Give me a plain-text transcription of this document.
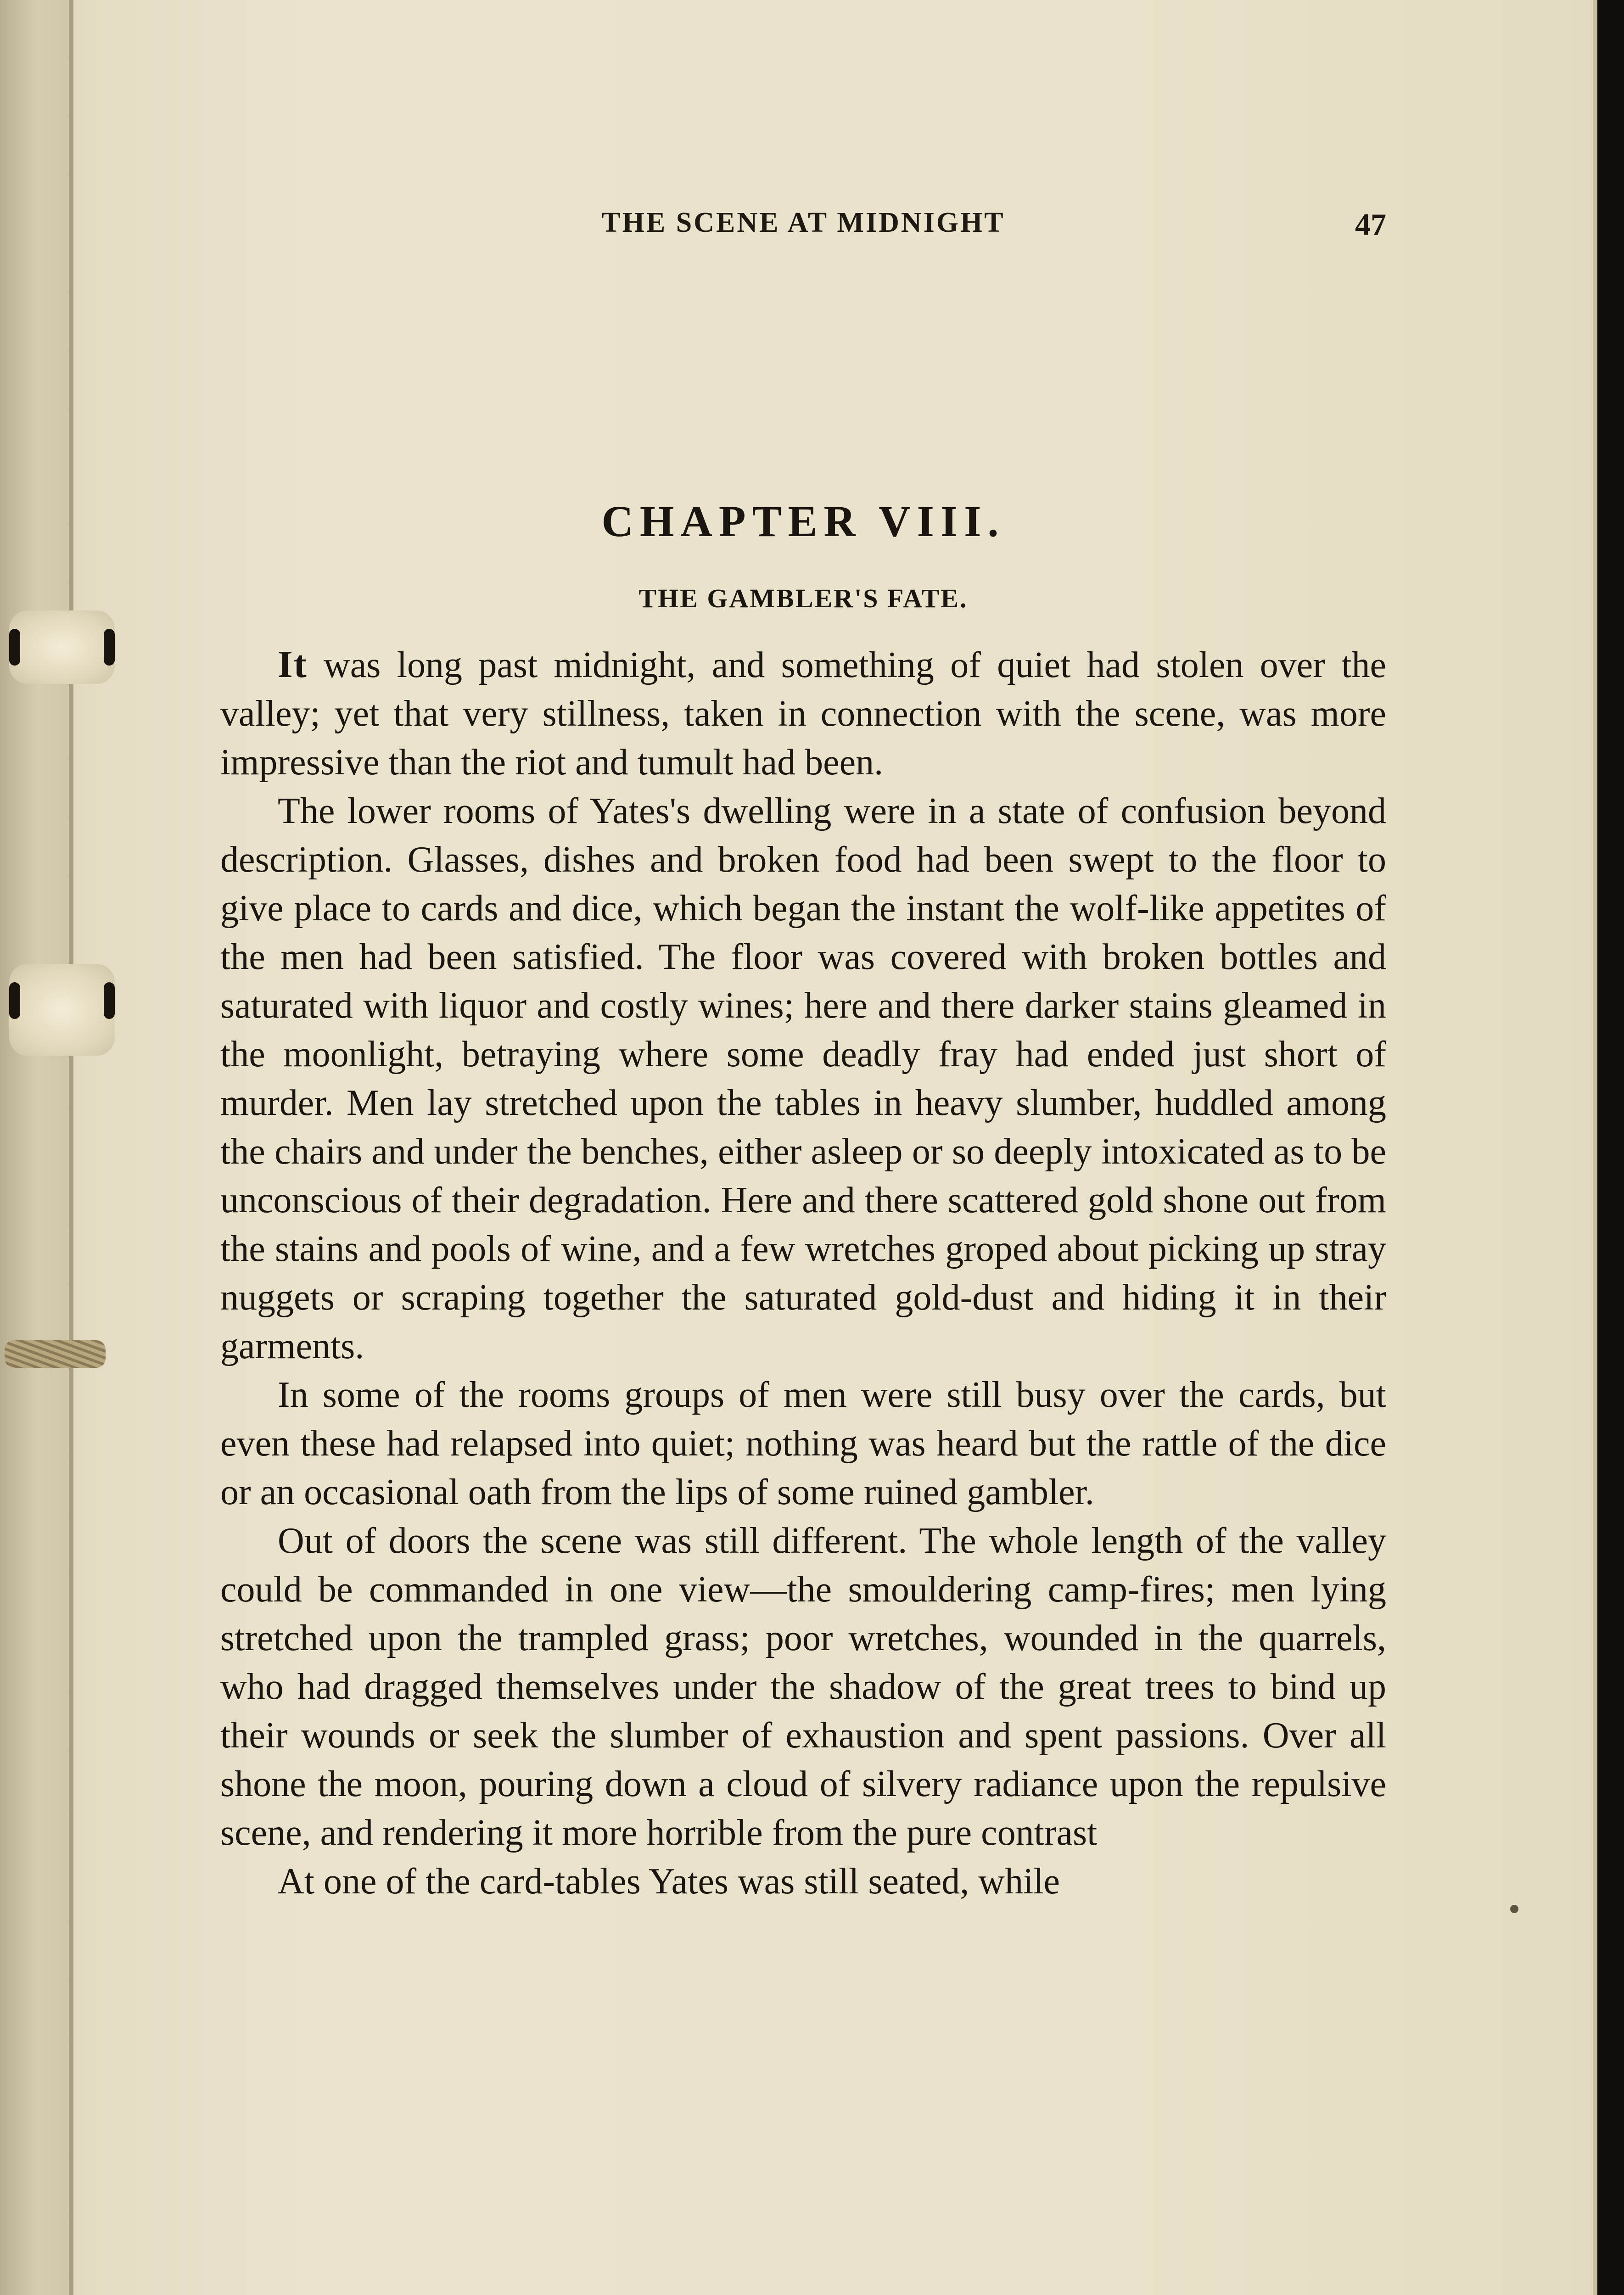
THE SCENE AT MIDNIGHT	47
CHAPTER VIII.
THE GAMBLER'S FATE.

It was long past midnight, and something of quiet had stolen over the valley; yet that very stillness, taken in connection with the scene, was more impressive than the riot and tumult had been.

The lower rooms of Yates's dwelling were in a state of confusion beyond description. Glasses, dishes and broken food had been swept to the floor to give place to cards and dice, which began the instant the wolf-like appetites of the men had been satisfied. The floor was covered with broken bottles and saturated with liquor and costly wines; here and there darker stains gleamed in the moonlight, betraying where some deadly fray had ended just short of murder. Men lay stretched upon the tables in heavy slumber, huddled among the chairs and under the benches, either asleep or so deeply intoxicated as to be unconscious of their degradation. Here and there scattered gold shone out from the stains and pools of wine, and a few wretches groped about picking up stray nuggets or scraping together the saturated gold-dust and hiding it in their garments.

In some of the rooms groups of men were still busy over the cards, but even these had relapsed into quiet; nothing was heard but the rattle of the dice or an occasional oath from the lips of some ruined gambler.

Out of doors the scene was still different. The whole length of the valley could be commanded in one view—the smouldering camp-fires; men lying stretched upon the trampled grass; poor wretches, wounded in the quarrels, who had dragged themselves under the shadow of the great trees to bind up their wounds or seek the slumber of exhaustion and spent passions. Over all shone the moon, pouring down a cloud of silvery radiance upon the repulsive scene, and rendering it more horrible from the pure contrast

At one of the card-tables Yates was still seated, while
